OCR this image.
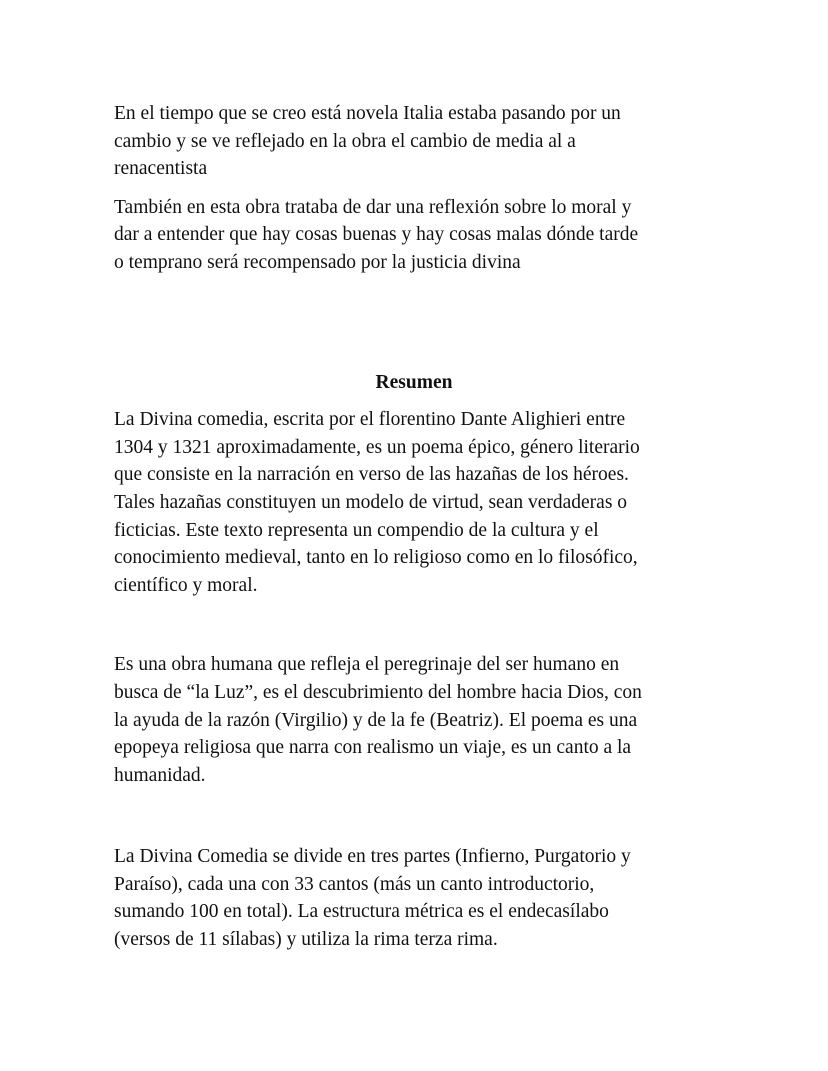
En el tiempo que se creo está novela Italia estaba pasando por un
cambio y se ve reflejado en la obra el cambio de media al a
renacentista

También en esta obra trataba de dar una reflexión sobre lo moral y
dar a entender que hay cosas buenas y hay cosas malas dónde tarde
o temprano será recompensado por la justicia divina

Resumen

La Divina comedia, escrita por el florentino Dante Alighieri entre
1304 y 1321 aproximadamente, es un poema épico, género literario
que consiste en la narración en verso de las hazañas de los héroes.
Tales hazañas constituyen un modelo de virtud, sean verdaderas o
ficticias. Este texto representa un compendio de la cultura y el
conocimiento medieval, tanto en lo religioso como en lo filosófico,
científico y moral.

Es una obra humana que refleja el peregrinaje del ser humano en
busca de “la Luz”, es el descubrimiento del hombre hacia Dios, con
la ayuda de la razón (Virgilio) y de la fe (Beatriz). El poema es una
epopeya religiosa que narra con realismo un viaje, es un canto a la
humanidad.

La Divina Comedia se divide en tres partes (Infierno, Purgatorio y
Paraíso), cada una con 33 cantos (más un canto introductorio,
sumando 100 en total). La estructura métrica es el endecasílabo
(versos de 11 sílabas) y utiliza la rima terza rima.
